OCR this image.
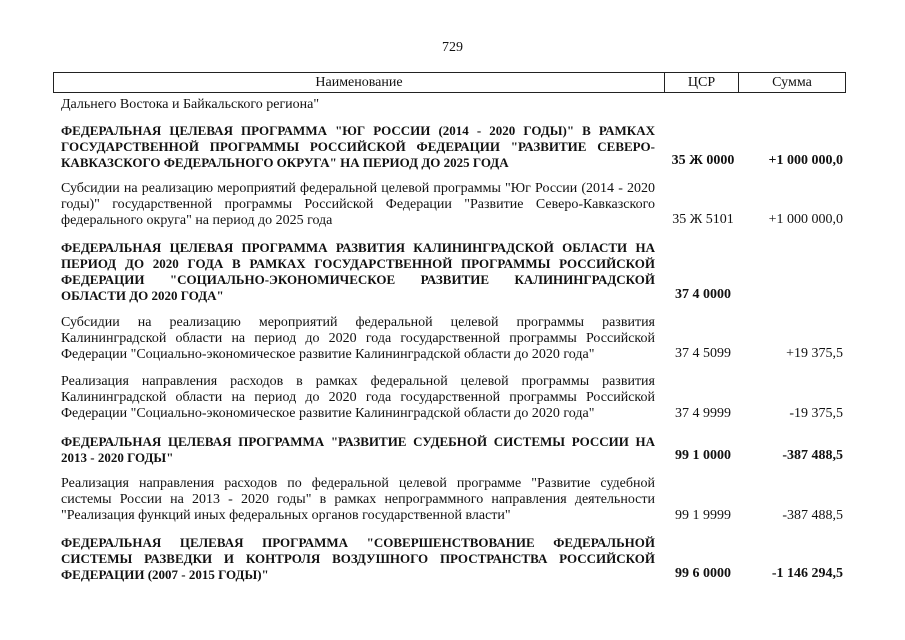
729
Наименование	ЦСР	Сумма
Дальнего Востока и Байкальского региона"
ФЕДЕРАЛЬНАЯ ЦЕЛЕВАЯ ПРОГРАММА "ЮГ РОССИИ (2014 - 2020 ГОДЫ)" В РАМКАХ ГОСУДАРСТВЕННОЙ ПРОГРАММЫ РОССИЙСКОЙ ФЕДЕРАЦИИ "РАЗВИТИЕ СЕВЕРО-КАВКАЗСКОГО ФЕДЕРАЛЬНОГО ОКРУГА" НА ПЕРИОД ДО 2025 ГОДА	35 Ж 0000	+1 000 000,0
Субсидии на реализацию мероприятий федеральной целевой программы "Юг России (2014 - 2020 годы)" государственной программы Российской Федерации "Развитие Северо-Кавказского федерального округа" на период до 2025 года	35 Ж 5101	+1 000 000,0
ФЕДЕРАЛЬНАЯ ЦЕЛЕВАЯ ПРОГРАММА РАЗВИТИЯ КАЛИНИНГРАДСКОЙ ОБЛАСТИ НА ПЕРИОД ДО 2020 ГОДА В РАМКАХ ГОСУДАРСТВЕННОЙ ПРОГРАММЫ РОССИЙСКОЙ ФЕДЕРАЦИИ "СОЦИАЛЬНО-ЭКОНОМИЧЕСКОЕ РАЗВИТИЕ КАЛИНИНГРАДСКОЙ ОБЛАСТИ ДО 2020 ГОДА"	37 4 0000
Субсидии на реализацию мероприятий федеральной целевой программы развития Калининградской области на период до 2020 года государственной программы Российской Федерации "Социально-экономическое развитие Калининградской области до 2020 года"	37 4 5099	+19 375,5
Реализация направления расходов в рамках федеральной целевой программы развития Калининградской области на период до 2020 года государственной программы Российской Федерации "Социально-экономическое развитие Калининградской области до 2020 года"	37 4 9999	-19 375,5
ФЕДЕРАЛЬНАЯ ЦЕЛЕВАЯ ПРОГРАММА "РАЗВИТИЕ СУДЕБНОЙ СИСТЕМЫ РОССИИ НА 2013 - 2020 ГОДЫ"	99 1 0000	-387 488,5
Реализация направления расходов по федеральной целевой программе "Развитие судебной системы России на 2013 - 2020 годы" в рамках непрограммного направления деятельности "Реализация функций иных федеральных органов государственной власти"	99 1 9999	-387 488,5
ФЕДЕРАЛЬНАЯ ЦЕЛЕВАЯ ПРОГРАММА "СОВЕРШЕНСТВОВАНИЕ ФЕДЕРАЛЬНОЙ СИСТЕМЫ РАЗВЕДКИ И КОНТРОЛЯ ВОЗДУШНОГО ПРОСТРАНСТВА РОССИЙСКОЙ ФЕДЕРАЦИИ (2007 - 2015 ГОДЫ)"	99 6 0000	-1 146 294,5
